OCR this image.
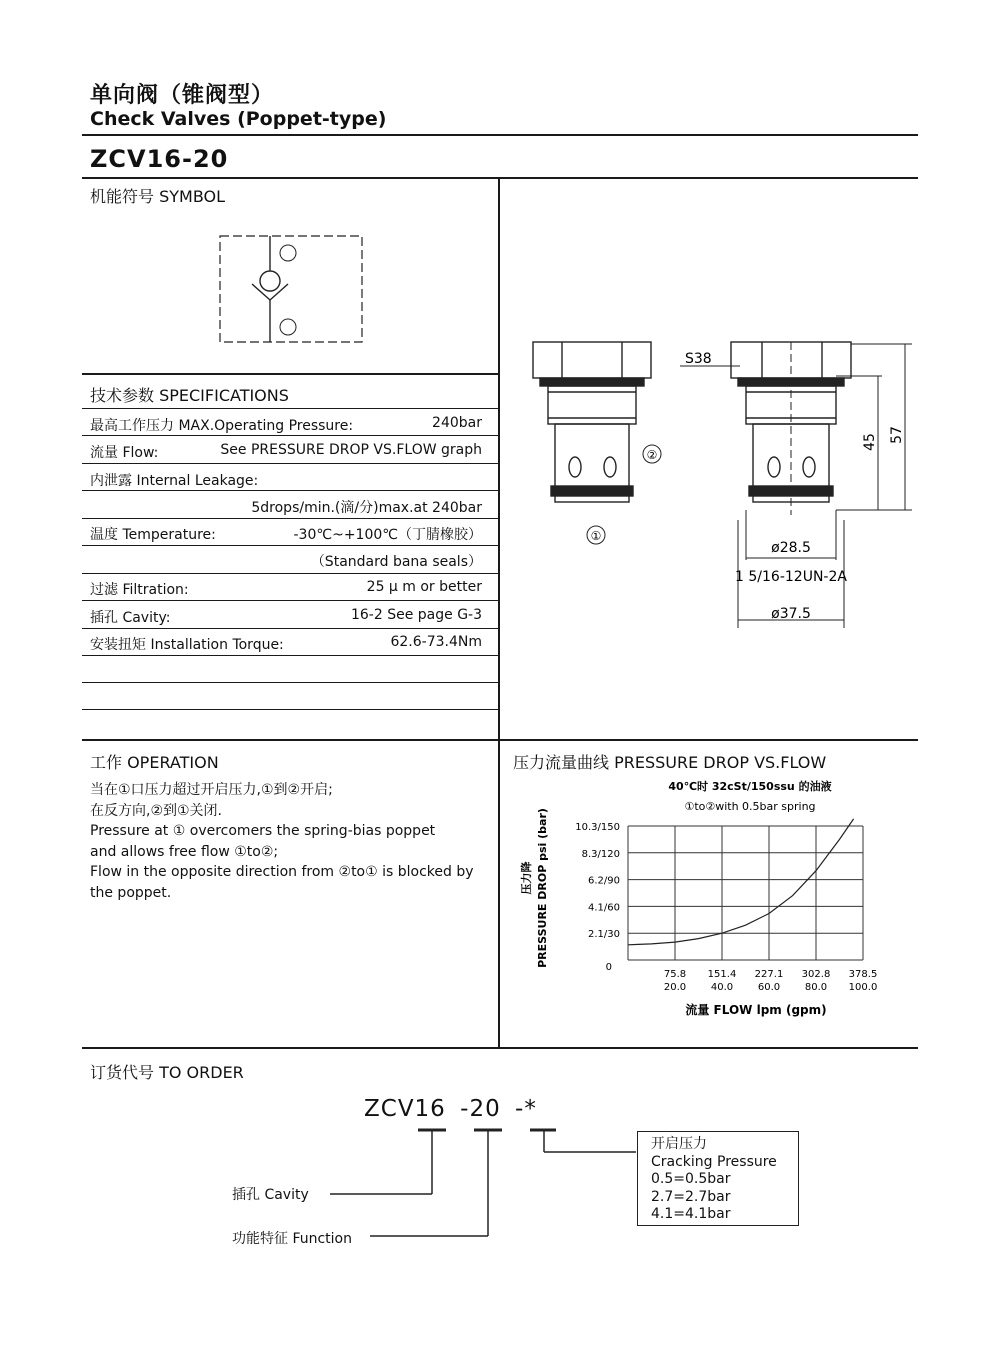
单向阀（锥阀型）
Check Valves (Poppet-type)
ZCV16-20
机能符号 SYMBOL
技术参数 SPECIFICATIONS
最高工作压力 MAX.Operating Pressure:	240bar
流量 Flow:	See PRESSURE DROP VS.FLOW graph
内泄露 Internal Leakage:
5drops/min.(滴/分)max.at 240bar
温度 Temperature:	-30℃~+100℃（丁腈橡胶）
（Standard bana seals）
过滤 Filtration:	25 μ m or better
插孔 Cavity:	16-2 See page G-3
安装扭矩 Installation Torque:	62.6-73.4Nm
②
①
S38
57
45
ø28.5
1 5/16-12UN-2A
ø37.5
工作 OPERATION
当在①口压力超过开启压力,①到②开启;
在反方向,②到①关闭.
Pressure at ① overcomers the spring-bias poppet
and allows free flow ①to②;
Flow in the opposite direction from ②to① is blocked by
the poppet.
压力流量曲线 PRESSURE DROP VS.FLOW
40℃时 32cSt/150ssu 的油液
①to②with 0.5bar spring
0
2.1/30
4.1/60
6.2/90
8.3/120
10.3/150
75.8
20.0
151.4
40.0
227.1
60.0
302.8
80.0
378.5
100.0
PRESSURE DROP psi (bar)
压力降
流量 FLOW lpm (gpm)
订货代号 TO ORDER
ZCV16 -20 -*
插孔 Cavity
功能特征 Function
开启压力
Cracking Pressure
0.5=0.5bar
2.7=2.7bar
4.1=4.1bar
